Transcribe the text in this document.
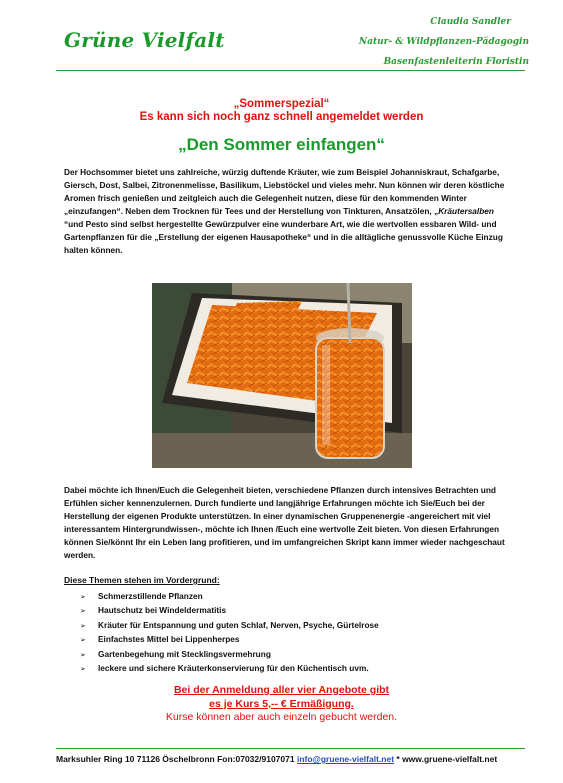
Grüne Vielfalt
Claudia Sandler
Natur- & Wildpflanzen-Pädagogin
Basenfastenleiterin Floristin
„Sommerspezial“
Es kann sich noch ganz schnell angemeldet werden
„Den Sommer einfangen“

Der Hochsommer bietet uns zahlreiche, würzig duftende Kräuter, wie zum Beispiel Johanniskraut, Schafgarbe, Giersch, Dost, Salbei, Zitronenmelisse, Basilikum, Liebstöckel und vieles mehr. Nun können wir deren köstliche Aromen frisch genießen und zeitgleich auch die Gelegenheit nutzen, diese für den kommenden Winter „einzufangen“. Neben dem Trocknen für Tees und der Herstellung von Tinkturen, Ansatzölen, „Kräutersalben “und Pesto sind selbst hergestellte Gewürzpulver eine wunderbare Art, wie die wertvollen essbaren Wild- und Gartenpflanzen für die „Erstellung der eigenen Hausapotheke“ und in die alltägliche genussvolle Küche Einzug halten können.

Dabei möchte ich Ihnen/Euch die Gelegenheit bieten, verschiedene Pflanzen durch intensives Betrachten und Erfühlen sicher kennenzulernen. Durch fundierte und langjährige Erfahrungen möchte ich Sie/Euch bei der Herstellung der eigenen Produkte unterstützen. In einer dynamischen Gruppenenergie -angereichert mit viel interessantem Hintergrundwissen-, möchte ich Ihnen /Euch eine wertvolle Zeit bieten. Von diesen Erfahrungen können Sie/könnt Ihr ein Leben lang profitieren, und im umfangreichen Skript kann immer wieder nachgeschaut werden.

Diese Themen stehen im Vordergrund:
➢ Schmerzstillende Pflanzen
➢ Hautschutz bei Windeldermatitis
➢ Kräuter für Entspannung und guten Schlaf, Nerven, Psyche, Gürtelrose
➢ Einfachstes Mittel bei Lippenherpes
➢ Gartenbegehung mit Stecklingsvermehrung
➢ leckere und sichere Kräuterkonservierung für den Küchentisch uvm.
Bei der Anmeldung aller vier Angebote gibt
es je Kurs 5,-- € Ermäßigung.
Kurse können aber auch einzeln gebucht werden.
Marksuhler Ring 10 71126 Öschelbronn Fon:07032/9107071 info@gruene-vielfalt.net * www.gruene-vielfalt.net
